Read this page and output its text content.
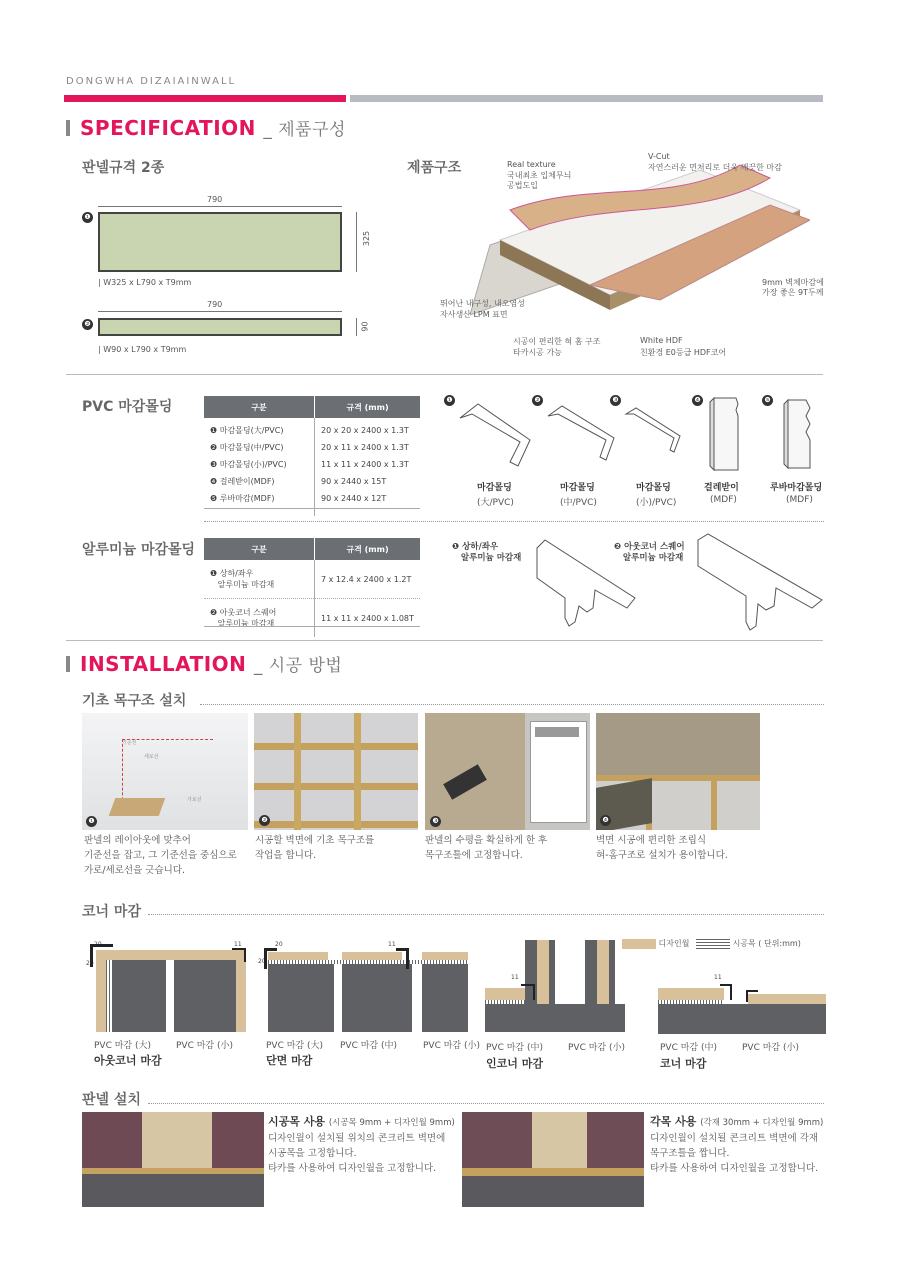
DONGWHA DIZAIAINWALL
SPECIFICATION _ 제품구성
판넬규격 2종
❶
790
325
| W325 x L790 x T9mm
790
❷	90
| W90 x L790 x T9mm
제품구조	Real texture
국내최초 입체무늬
공법도입
V-Cut
자연스러운 면처리로 더욱 깨끗한 마감
9mm 벽체마감에
가장 좋은 9T두께
뛰어난 내구성, 내오염성
자사생산 LPM 표면
시공이 편리한 혀 홈 구조
타카시공 가능
White HDF
친환경 E0등급 HDF코어
PVC 마감몰딩	구분	규격 (mm)
❶ 마감몰딩(大/PVC)	20 x 20 x 2400 x 1.3T
❷ 마감몰딩(中/PVC)	20 x 11 x 2400 x 1.3T
❸ 마감몰딩(小)/PVC)	11 x 11 x 2400 x 1.3T
❹ 걸레받이(MDF)	90 x 2440 x 15T
❺ 루바마감(MDF)	90 x 2440 x 12T
❶
마감몰딩
(大/PVC)
❷
마감몰딩
(中/PVC)
❸
마감몰딩
(小)/PVC)
❹
걸레받이
(MDF)
❺
루바마감몰딩
(MDF)
알루미늄 마감몰딩	구분	규격 (mm)
❶ 상하/좌우
알루미늄 마감재	7 x 12.4 x 2400 x 1.2T
❷ 아웃코너 스퀘어
알루미늄 마감재	11 x 11 x 2400 x 1.08T
❶ 상하/좌우
알루미늄 마감재
❷ 아웃코너 스퀘어
알루미늄 마감재
INSTALLATION _ 시공 방법
기초 목구조 설치
기준선
세로선
가로선
❶	❷	❸	❹
판넬의 레이아웃에 맞추어
기준선을 잡고, 그 기준선을 중심으로
가로/세로선을 긋습니다.
시공할 벽면에 기초 목구조를
작업을 합니다.
판넬의 수평을 확실하게 한 후
목구조틀에 고정합니다.
벽면 시공에 편리한 조립식
혀-홈구조로 설치가 용이합니다.
코너 마감
디자인월	시공목 ( 단위:mm)
20	11
20
PVC 마감 (大)	PVC 마감 (小)
아웃코너 마감
20	11
20
PVC 마감 (大) PVC 마감 (中)	PVC 마감 (小)
단면 마감
11
PVC 마감 (中)	PVC 마감 (小)
인코너 마감
11
PVC 마감 (中)	PVC 마감 (小)
코너 마감
판넬 설치
시공목 사용 (시공목 9mm + 디자인월 9mm)
디자인월이 설치될 위치의 콘크리트 벽면에
시공목을 고정합니다.
타카를 사용하여 디자인월을 고정합니다.
각목 사용 (각재 30mm + 디자인월 9mm)
디자인월이 설치될 콘크리트 벽면에 각재
목구조틀을 짭니다.
타카를 사용하여 디자인월을 고정합니다.
